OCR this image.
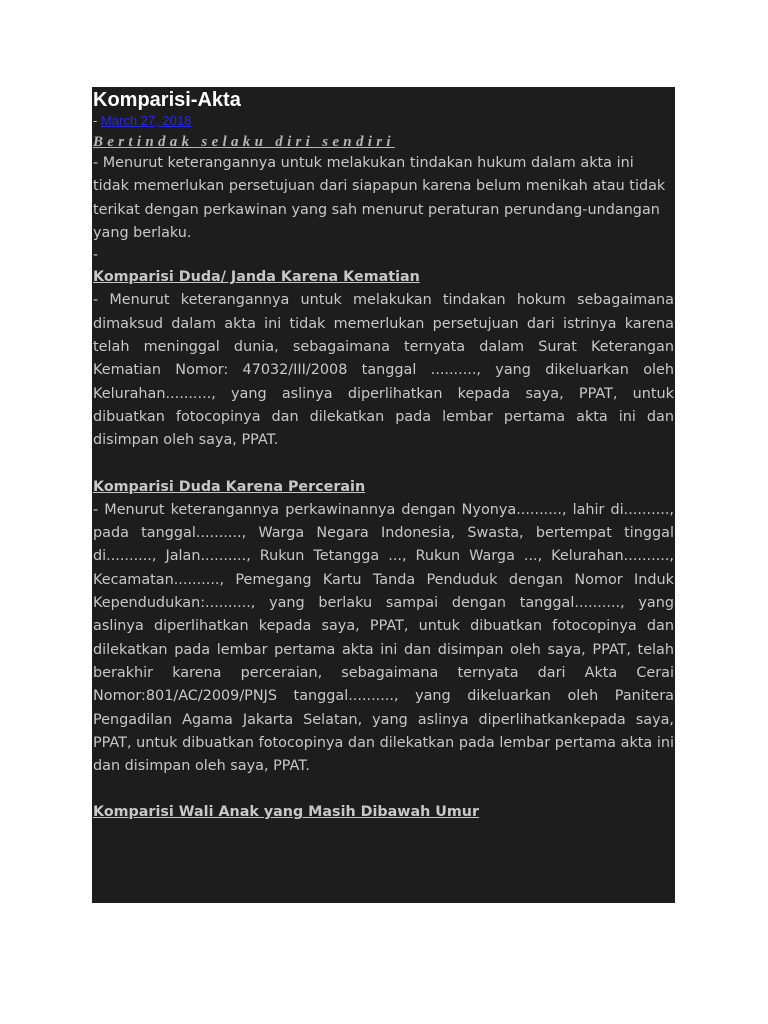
Komparisi-Akta

- March 27, 2018

Bertindak selaku diri sendiri

- Menurut keterangannya untuk melakukan tindakan hukum dalam akta ini tidak memerlukan persetujuan dari siapapun karena belum menikah atau tidak terikat dengan perkawinan yang sah menurut peraturan perundang-undangan yang berlaku.

-

Komparisi Duda/ Janda Karena Kematian

- Menurut keterangannya untuk melakukan tindakan hokum sebagaimana dimaksud dalam akta ini tidak memerlukan persetujuan dari istrinya karena telah meninggal dunia, sebagaimana ternyata dalam Surat Keterangan Kematian Nomor: 47032/III/2008 tanggal .........., yang dikeluarkan oleh Kelurahan.........., yang aslinya diperlihatkan kepada saya, PPAT, untuk dibuatkan fotocopinya dan dilekatkan pada lembar pertama akta ini dan disimpan oleh saya, PPAT.

Komparisi Duda Karena Percerain

- Menurut keterangannya perkawinannya dengan Nyonya.........., lahir di.........., pada tanggal.........., Warga Negara Indonesia, Swasta, bertempat tinggal di.........., Jalan.........., Rukun Tetangga ..., Rukun Warga ..., Kelurahan.........., Kecamatan.........., Pemegang Kartu Tanda Penduduk dengan Nomor Induk Kependudukan:.........., yang berlaku sampai dengan tanggal.........., yang aslinya diperlihatkan kepada saya, PPAT, untuk dibuatkan fotocopinya dan dilekatkan pada lembar pertama akta ini dan disimpan oleh saya, PPAT, telah berakhir karena perceraian, sebagaimana ternyata dari Akta Cerai Nomor:801/AC/2009/PNJS tanggal.........., yang dikeluarkan oleh Panitera Pengadilan Agama Jakarta Selatan, yang aslinya diperlihatkankepada saya, PPAT, untuk dibuatkan fotocopinya dan dilekatkan pada lembar pertama akta ini dan disimpan oleh saya, PPAT.

Komparisi Wali Anak yang Masih Dibawah Umur
